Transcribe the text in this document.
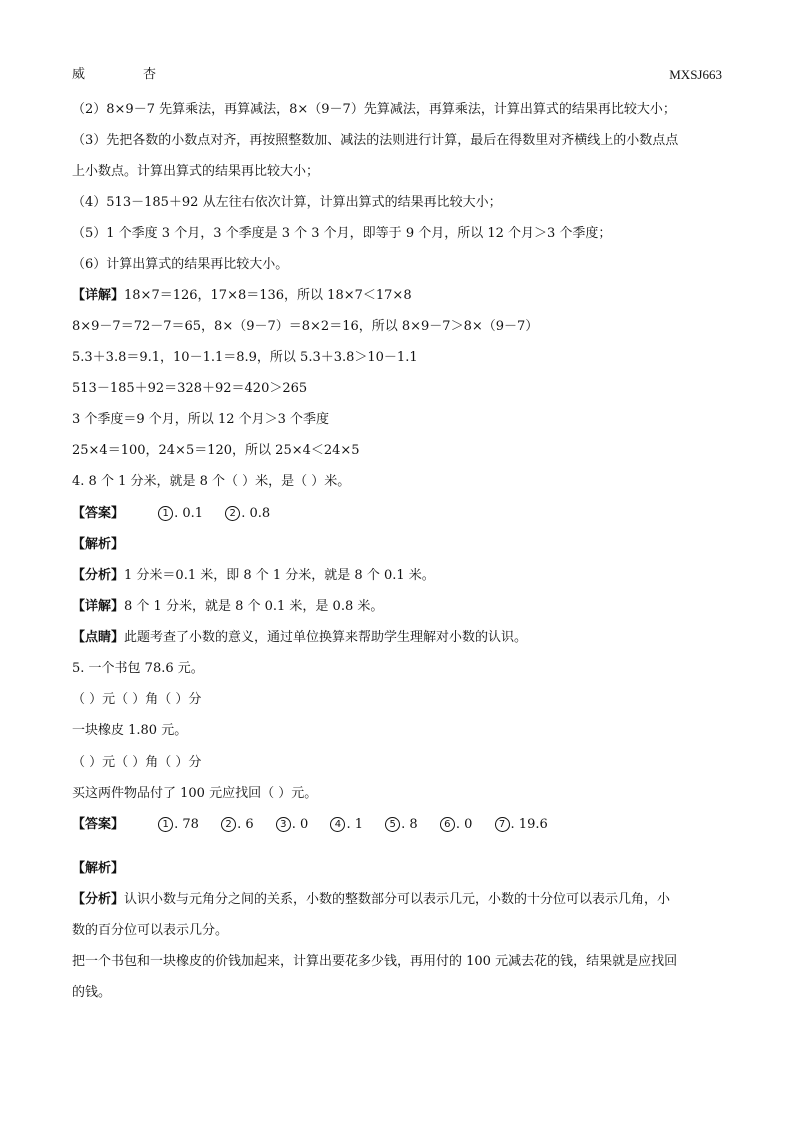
威	杏	MXSJ663
（2）8×9－7 先算乘法，再算减法，8×（9－7）先算减法，再算乘法，计算出算式的结果再比较大小；
（3）先把各数的小数点对齐，再按照整数加、减法的法则进行计算，最后在得数里对齐横线上的小数点点
上小数点。计算出算式的结果再比较大小；
（4）513－185＋92 从左往右依次计算，计算出算式的结果再比较大小；
（5）1 个季度 3 个月，3 个季度是 3 个 3 个月，即等于 9 个月，所以 12 个月＞3 个季度；
（6）计算出算式的结果再比较大小。
【详解】18×7＝126，17×8＝136，所以 18×7＜17×8
8×9－7＝72－7＝65，8×（9－7）＝8×2＝16，所以 8×9－7＞8×（9－7）
5.3＋3.8＝9.1，10－1.1＝8.9，所以 5.3＋3.8＞10－1.1
513－185＋92＝328＋92＝420＞265
3 个季度＝9 个月，所以 12 个月＞3 个季度
25×4＝100，24×5＝120，所以 25×4＜24×5
4. 8 个 1 分米，就是 8 个（ ）米，是（ ）米。
【答案】	1 . 0.1	2 . 0.8
【解析】
【分析】1 分米＝0.1 米，即 8 个 1 分米，就是 8 个 0.1 米。
【详解】8 个 1 分米，就是 8 个 0.1 米，是 0.8 米。
【点睛】此题考查了小数的意义，通过单位换算来帮助学生理解对小数的认识。
5. 一个书包 78.6 元。
（ ）元（ ）角（ ）分
一块橡皮 1.80 元。
（ ）元（ ）角（ ）分
买这两件物品付了 100 元应找回（ ）元。
【答案】	1 . 78	2 . 6	3 . 0	4 . 1	5 . 8	6 . 0	7 . 19.6
【解析】
【分析】认识小数与元角分之间的关系，小数的整数部分可以表示几元，小数的十分位可以表示几角，小
数的百分位可以表示几分。
把一个书包和一块橡皮的价钱加起来，计算出要花多少钱，再用付的 100 元减去花的钱，结果就是应找回
的钱。
